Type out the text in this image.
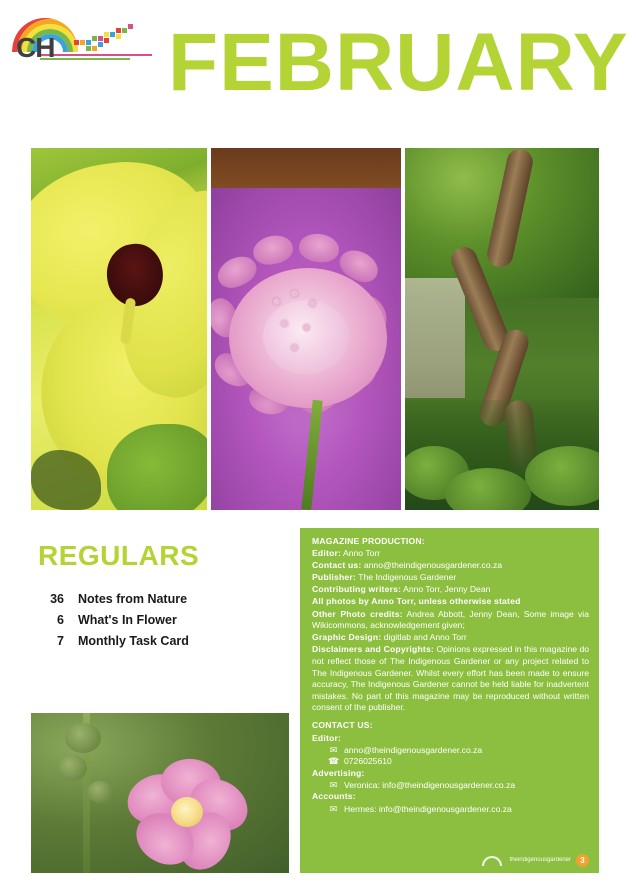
CH FEBRUARY
REGULARS
36 Notes from Nature
6 What's In Flower
7 Monthly Task Card

MAGAZINE PRODUCTION:

Editor: Anno Torr

Contact us: anno@theindigenousgardener.co.za

Publisher: The Indigenous Gardener

Contributing writers: Anno Torr, Jenny Dean

All photos by Anno Torr, unless otherwise stated

Other Photo credits: Andrea Abbott, Jenny Dean, Some image via Wikicommons, acknowledgement given;

Graphic Design: digitlab and Anno Torr

Disclaimers and Copyrights: Opinions expressed in this magazine do not reflect those of The Indigenous Gardener or any project related to The Indigenous Gardener. Whilst every effort has been made to ensure accuracy, The Indigenous Gardener cannot be held liable for inadvertent mistakes. No part of this magazine may be reproduced without written consent of the publisher.

CONTACT US:

Editor:

✉ anno@theindigenousgardener.co.za
☎ 0726025610

Advertising:

✉ Veronica: info@theindigenousgardener.co.za

Accounts:

✉ Hermes: info@theindigenousgardener.co.za
theindigenousgardener	3
